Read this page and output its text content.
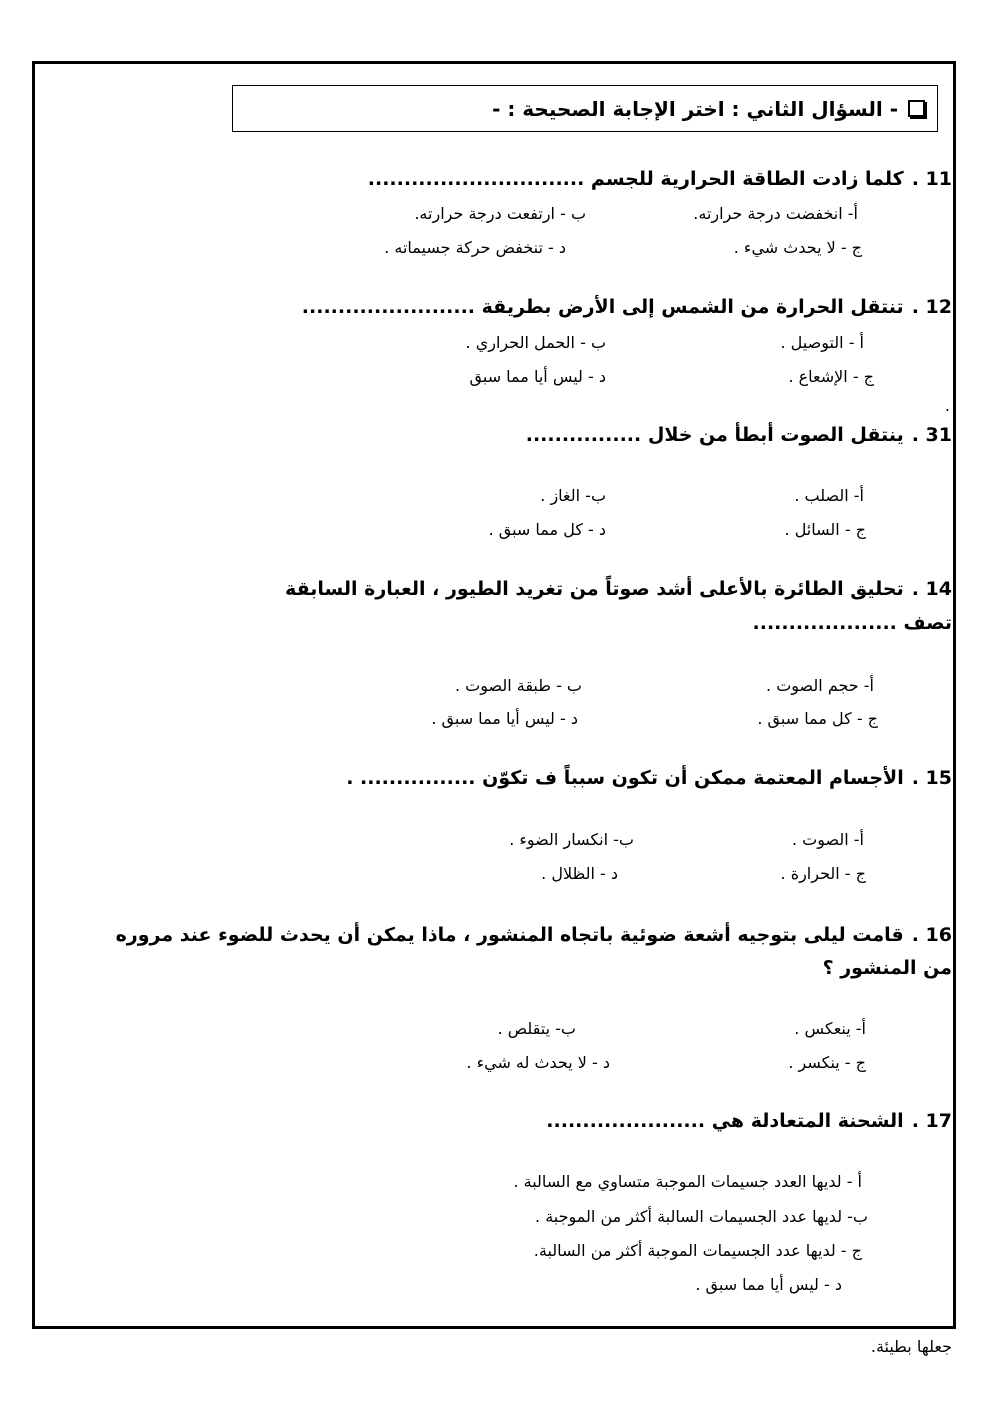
- السؤال الثاني : اختر الإجابة الصحيحة : -
11 .كلما زادت الطاقة الحرارية للجسم ..............................
أ- انخفضت درجة حرارته.
ب - ارتفعت درجة حرارته.
ج - لا يحدث شيء .
د - تنخفض حركة جسيماته .
12 .تنتقل الحرارة من الشمس إلى الأرض بطريقة ........................
أ - التوصيل .
ب - الحمل الحراري .
ج - الإشعاع .
د - ليس أيا مما سبق
.
31 .ينتقل الصوت أبطأ من خلال ................
أ- الصلب .
ب- الغاز .
ج - السائل .
د - كل مما سبق .
14 .تحليق الطائرة بالأعلى أشد صوتاً من تغريد الطيور ، العبارة السابقة
تصف ....................
أ- حجم الصوت .
ب - طبقة الصوت .
ج - كل مما سبق .
د - ليس أيا مما سبق .
15 .الأجسام المعتمة ممكن أن تكون سبباً ف تكوّن ................ .
أ- الصوت .
ب- انكسار الضوء .
ج - الحرارة .
د - الظلال .
16 .قامت ليلى بتوجيه أشعة ضوئية باتجاه المنشور ، ماذا يمكن أن يحدث للضوء عند مروره
من المنشور ؟
أ- ينعكس .
ب- يتقلص .
ج - ينكسر .
د - لا يحدث له شيء .
17 .الشحنة المتعادلة هي ......................
أ - لديها العدد جسيمات الموجبة متساوي مع السالبة .
ب- لديها عدد الجسيمات السالبة أكثر من الموجبة .
ج - لديها عدد الجسيمات الموجبة أكثر من السالبة.
د - ليس أيا مما سبق .
جعلها بطيئة.
